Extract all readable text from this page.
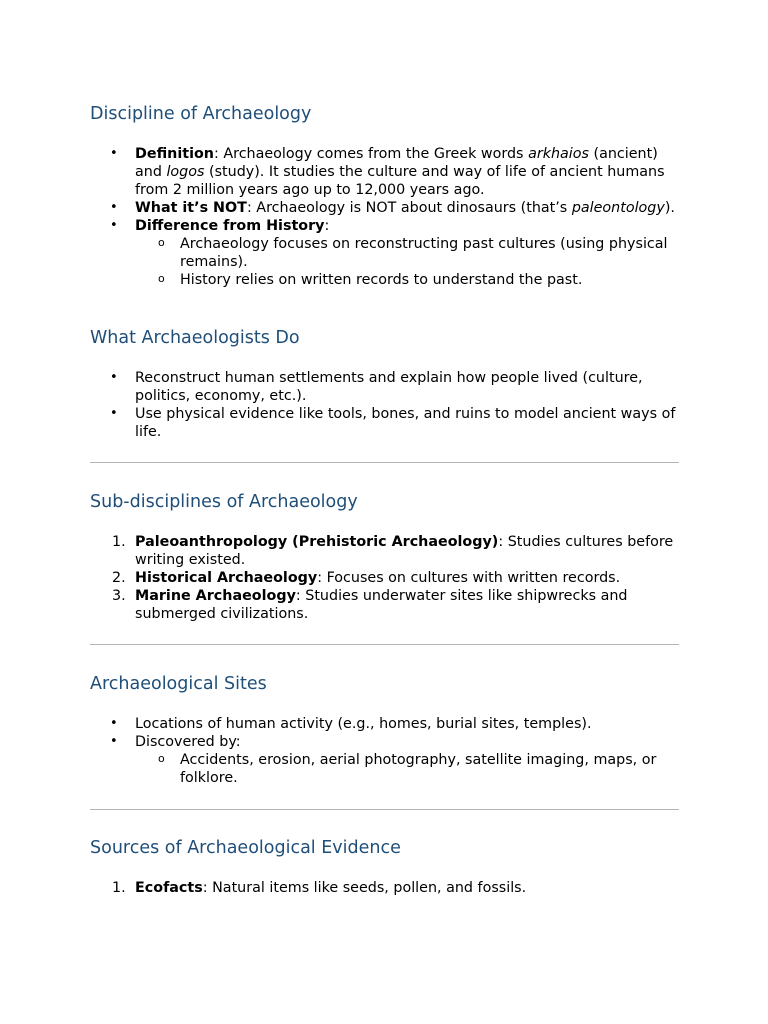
Discipline of Archaeology
• Definition: Archaeology comes from the Greek words arkhaios (ancient) and logos (study). It studies the culture and way of life of ancient humans from 2 million years ago up to 12,000 years ago.
• What it’s NOT: Archaeology is NOT about dinosaurs (that’s paleontology).
• Difference from History:
o Archaeology focuses on reconstructing past cultures (using physical remains).
o History relies on written records to understand the past.
What Archaeologists Do
• Reconstruct human settlements and explain how people lived (culture, politics, economy, etc.).
• Use physical evidence like tools, bones, and ruins to model ancient ways of life.
Sub-disciplines of Archaeology
1. Paleoanthropology (Prehistoric Archaeology): Studies cultures before writing existed.
2. Historical Archaeology: Focuses on cultures with written records.
3. Marine Archaeology: Studies underwater sites like shipwrecks and submerged civilizations.
Archaeological Sites
• Locations of human activity (e.g., homes, burial sites, temples).
• Discovered by:
o Accidents, erosion, aerial photography, satellite imaging, maps, or folklore.
Sources of Archaeological Evidence
1. Ecofacts: Natural items like seeds, pollen, and fossils.
